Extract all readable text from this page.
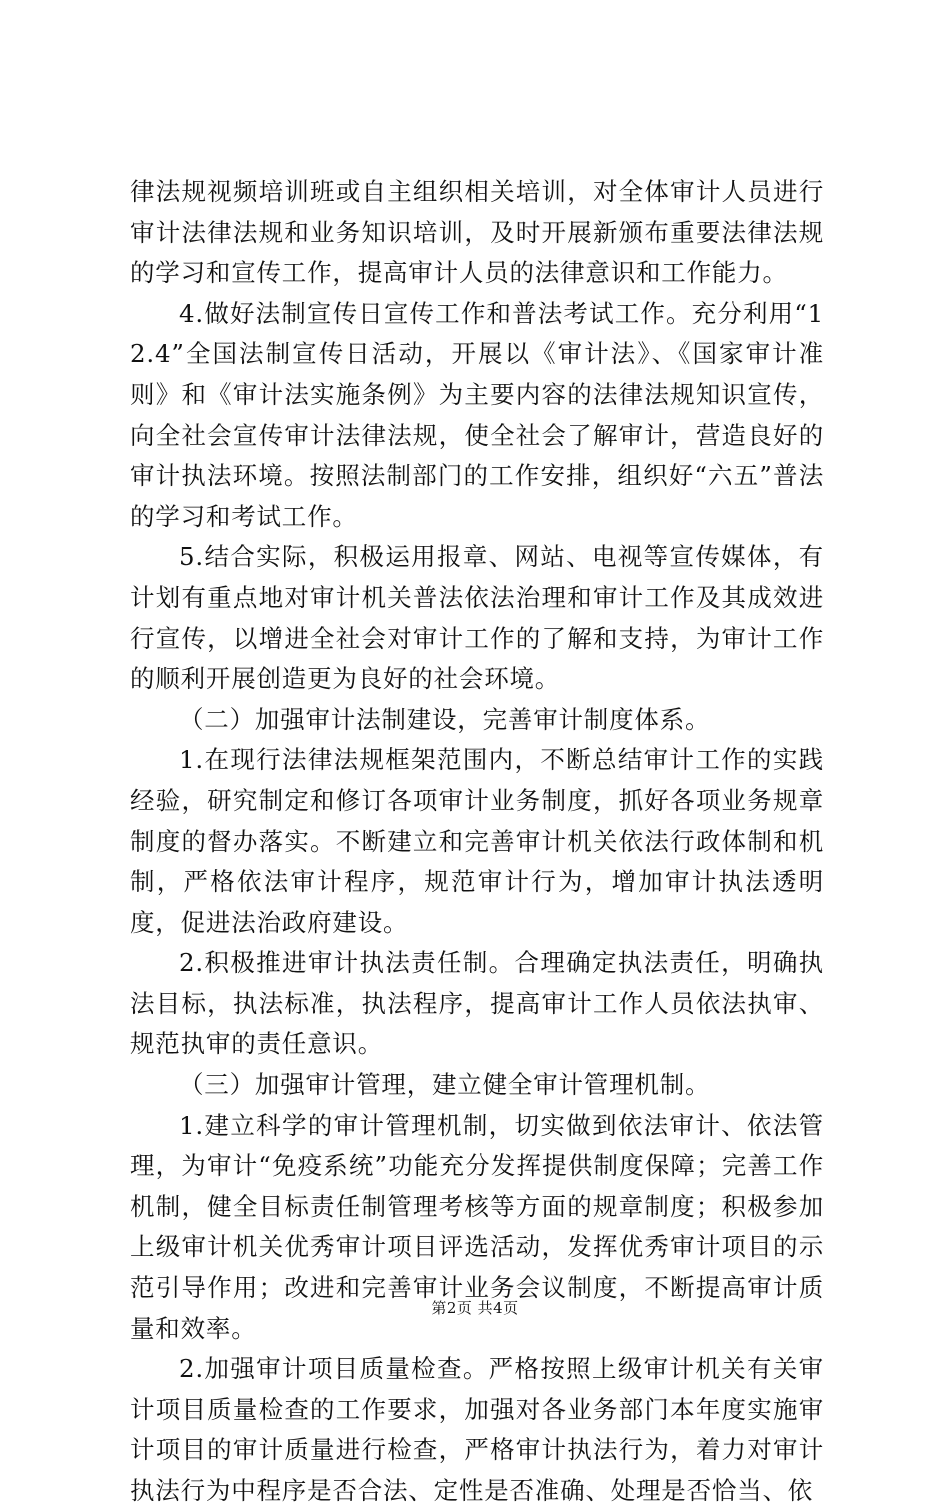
律法规视频培训班或自主组织相关培训，对全体审计人员进行审计法律法规和业务知识培训，及时开展新颁布重要法律法规的学习和宣传工作，提高审计人员的法律意识和工作能力。

4.做好法制宣传日宣传工作和普法考试工作。充分利用“12.4”全国法制宣传日活动，开展以《审计法》、《国家审计准则》和《审计法实施条例》为主要内容的法律法规知识宣传，向全社会宣传审计法律法规，使全社会了解审计，营造良好的审计执法环境。按照法制部门的工作安排，组织好“六五”普法的学习和考试工作。

5.结合实际，积极运用报章、网站、电视等宣传媒体，有计划有重点地对审计机关普法依法治理和审计工作及其成效进行宣传，以增进全社会对审计工作的了解和支持，为审计工作的顺利开展创造更为良好的社会环境。

（二）加强审计法制建设，完善审计制度体系。

1.在现行法律法规框架范围内，不断总结审计工作的实践经验，研究制定和修订各项审计业务制度，抓好各项业务规章制度的督办落实。不断建立和完善审计机关依法行政体制和机制，严格依法审计程序，规范审计行为，增加审计执法透明度，促进法治政府建设。

2.积极推进审计执法责任制。合理确定执法责任，明确执法目标，执法标准，执法程序，提高审计工作人员依法执审、规范执审的责任意识。

（三）加强审计管理，建立健全审计管理机制。

1.建立科学的审计管理机制，切实做到依法审计、依法管理，为审计“免疫系统”功能充分发挥提供制度保障；完善工作机制，健全目标责任制管理考核等方面的规章制度；积极参加上级审计机关优秀审计项目评选活动，发挥优秀审计项目的示范引导作用；改进和完善审计业务会议制度，不断提高审计质量和效率。

2.加强审计项目质量检查。严格按照上级审计机关有关审计项目质量检查的工作要求，加强对各业务部门本年度实施审计项目的审计质量进行检查，严格审计执法行为，着力对审计执法行为中程序是否合法、定性是否准确、处理是否恰当、依

第2页 共4页
